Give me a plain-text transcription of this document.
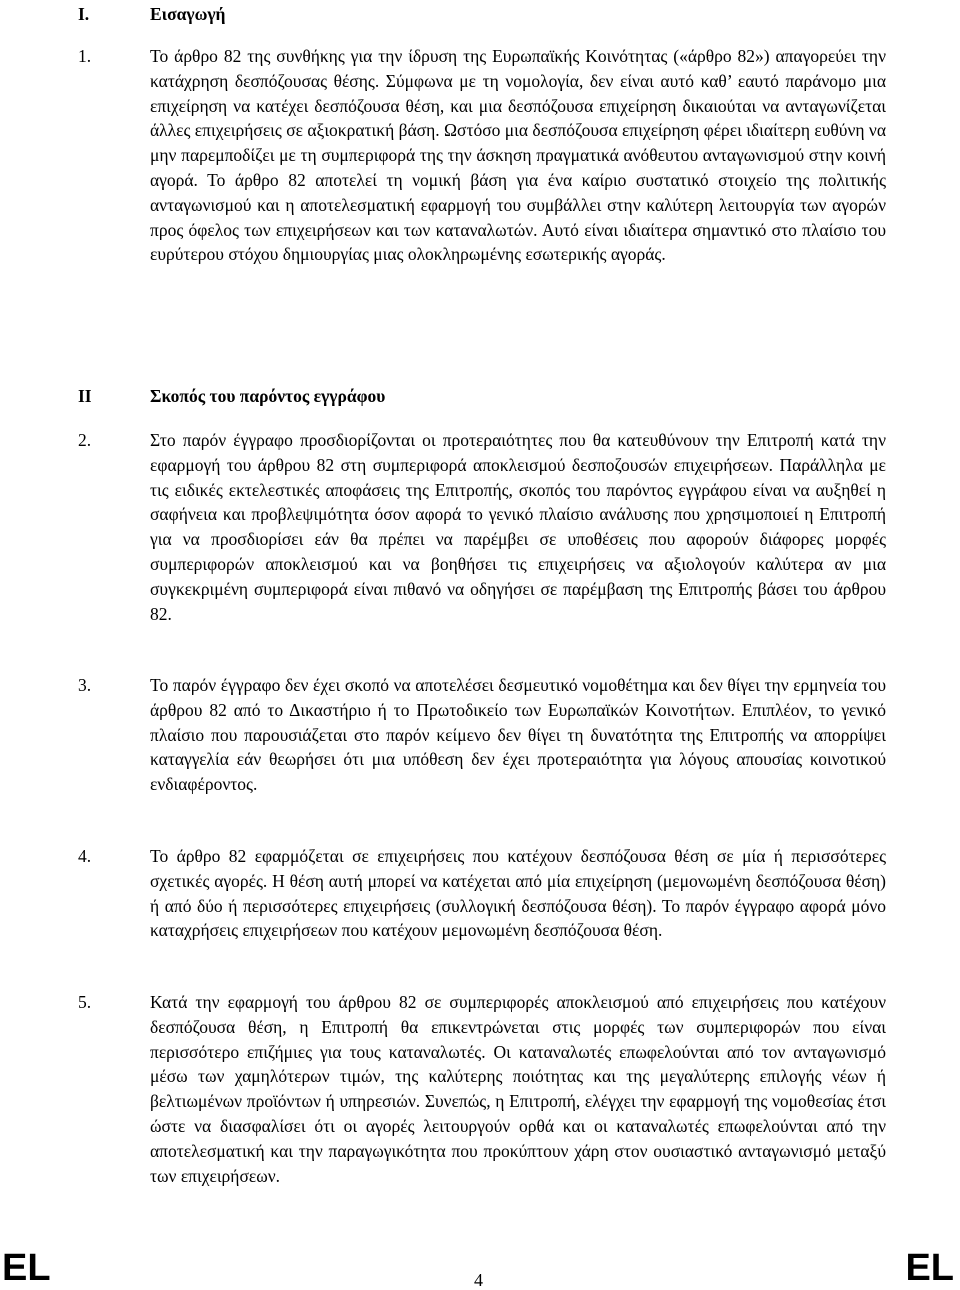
I.	Εισαγωγή
1.	Το άρθρο 82 της συνθήκης για την ίδρυση της Ευρωπαϊκής Κοινότητας («άρθρο 82») απαγορεύει την κατάχρηση δεσπόζουσας θέσης. Σύμφωνα με τη νομολογία, δεν είναι αυτό καθ’ εαυτό παράνομο μια επιχείρηση να κατέχει δεσπόζουσα θέση, και μια δεσπόζουσα επιχείρηση δικαιούται να ανταγωνίζεται άλλες επιχειρήσεις σε αξιοκρατική βάση. Ωστόσο μια δεσπόζουσα επιχείρηση φέρει ιδιαίτερη ευθύνη να μην παρεμποδίζει με τη συμπεριφορά της την άσκηση πραγματικά ανόθευτου ανταγωνισμού στην κοινή αγορά. Το άρθρο 82 αποτελεί τη νομική βάση για ένα καίριο συστατικό στοιχείο της πολιτικής ανταγωνισμού και η αποτελεσματική εφαρμογή του συμβάλλει στην καλύτερη λειτουργία των αγορών προς όφελος των επιχειρήσεων και των καταναλωτών. Αυτό είναι ιδιαίτερα σημαντικό στο πλαίσιο του ευρύτερου στόχου δημιουργίας μιας ολοκληρωμένης εσωτερικής αγοράς.

II	Σκοπός του παρόντος εγγράφου
2.	Στο παρόν έγγραφο προσδιορίζονται οι προτεραιότητες που θα κατευθύνουν την Επιτροπή κατά την εφαρμογή του άρθρου 82 στη συμπεριφορά αποκλεισμού δεσποζουσών επιχειρήσεων. Παράλληλα με τις ειδικές εκτελεστικές αποφάσεις της Επιτροπής, σκοπός του παρόντος εγγράφου είναι να αυξηθεί η σαφήνεια και προβλεψιμότητα όσον αφορά το γενικό πλαίσιο ανάλυσης που χρησιμοποιεί η Επιτροπή για να προσδιορίσει εάν θα πρέπει να παρέμβει σε υποθέσεις που αφορούν διάφορες μορφές συμπεριφορών αποκλεισμού και να βοηθήσει τις επιχειρήσεις να αξιολογούν καλύτερα αν μια συγκεκριμένη συμπεριφορά είναι πιθανό να οδηγήσει σε παρέμβαση της Επιτροπής βάσει του άρθρου 82.

3.	Το παρόν έγγραφο δεν έχει σκοπό να αποτελέσει δεσμευτικό νομοθέτημα και δεν θίγει την ερμηνεία του άρθρου 82 από το Δικαστήριο ή το Πρωτοδικείο των Ευρωπαϊκών Κοινοτήτων. Επιπλέον, το γενικό πλαίσιο που παρουσιάζεται στο παρόν κείμενο δεν θίγει τη δυνατότητα της Επιτροπής να απορρίψει καταγγελία εάν θεωρήσει ότι μια υπόθεση δεν έχει προτεραιότητα για λόγους απουσίας κοινοτικού ενδιαφέροντος.

4.	Το άρθρο 82 εφαρμόζεται σε επιχειρήσεις που κατέχουν δεσπόζουσα θέση σε μία ή περισσότερες σχετικές αγορές. Η θέση αυτή μπορεί να κατέχεται από μία επιχείρηση (μεμονωμένη δεσπόζουσα θέση) ή από δύο ή περισσότερες επιχειρήσεις (συλλογική δεσπόζουσα θέση). Το παρόν έγγραφο αφορά μόνο καταχρήσεις επιχειρήσεων που κατέχουν μεμονωμένη δεσπόζουσα θέση.

5.	Κατά την εφαρμογή του άρθρου 82 σε συμπεριφορές αποκλεισμού από επιχειρήσεις που κατέχουν δεσπόζουσα θέση, η Επιτροπή θα επικεντρώνεται στις μορφές των συμπεριφορών που είναι περισσότερο επιζήμιες για τους καταναλωτές. Οι καταναλωτές επωφελούνται από τον ανταγωνισμό μέσω των χαμηλότερων τιμών, της καλύτερης ποιότητας και της μεγαλύτερης επιλογής νέων ή βελτιωμένων προϊόντων ή υπηρεσιών. Συνεπώς, η Επιτροπή, ελέγχει την εφαρμογή της νομοθεσίας έτσι ώστε να διασφαλίσει ότι οι αγορές λειτουργούν ορθά και οι καταναλωτές επωφελούνται από την αποτελεσματική και την παραγωγικότητα που προκύπτουν χάρη στον ουσιαστικό ανταγωνισμό μεταξύ των επιχειρήσεων.

EL	4	EL
